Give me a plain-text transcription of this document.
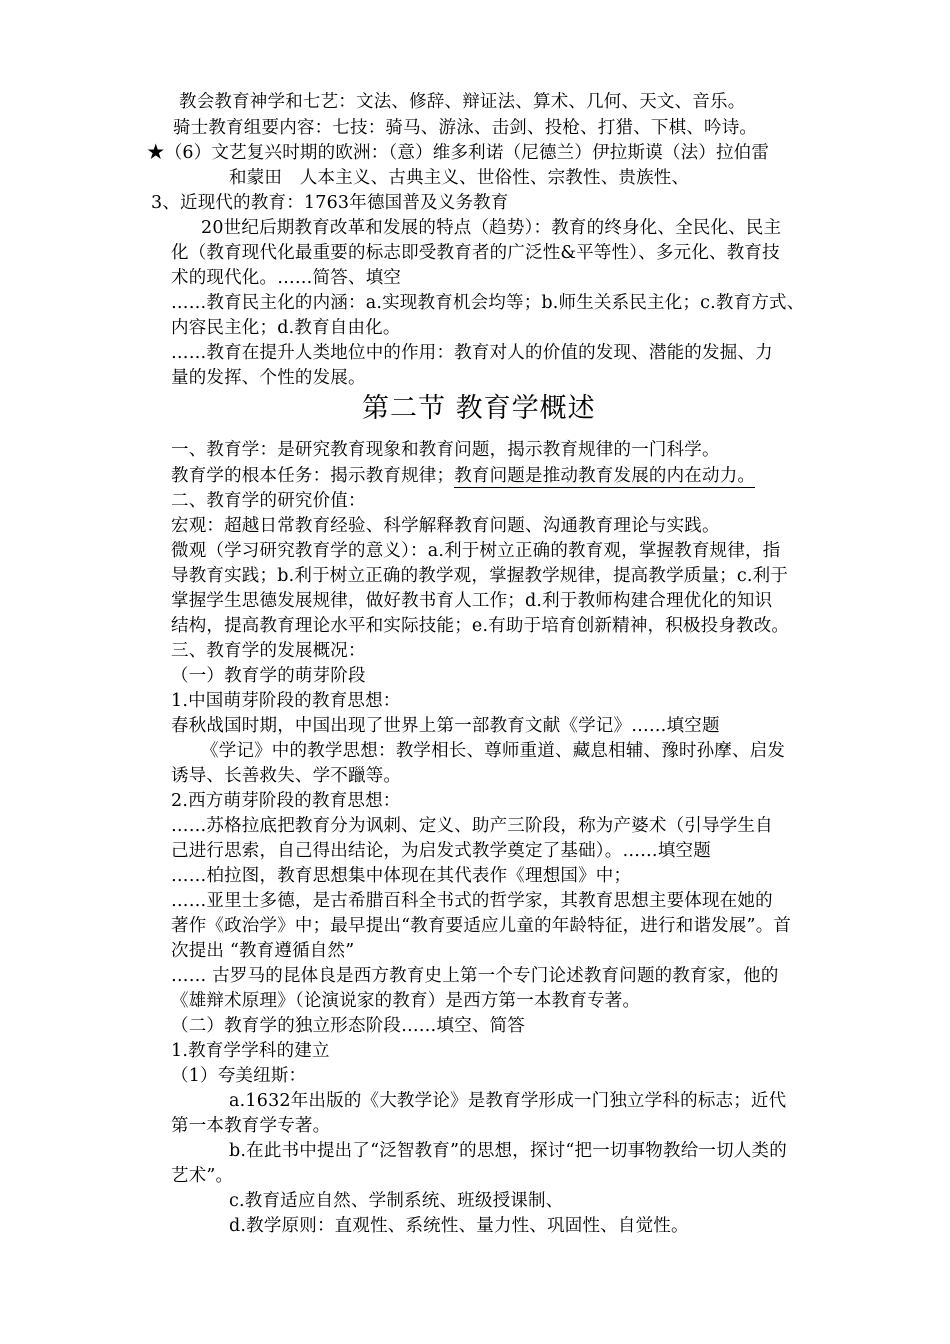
教会教育神学和七艺：文法、修辞、辩证法、算术、几何、天文、音乐。
骑士教育组要内容：七技：骑马、游泳、击剑、投枪、打猎、下棋、吟诗。
★（6）文艺复兴时期的欧洲：（意）维多利诺（尼德兰）伊拉斯谟（法）拉伯雷
和蒙田　人本主义、古典主义、世俗性、宗教性、贵族性、
3、近现代的教育：1763年德国普及义务教育
20世纪后期教育改革和发展的特点（趋势）：教育的终身化、全民化、民主
化（教育现代化最重要的标志即受教育者的广泛性&平等性）、多元化、教育技
术的现代化。……简答、填空
……教育民主化的内涵：a.实现教育机会均等；b.师生关系民主化；c.教育方式、
内容民主化；d.教育自由化。
……教育在提升人类地位中的作用：教育对人的价值的发现、潜能的发掘、力
量的发挥、个性的发展。
第二节 教育学概述
一、教育学：是研究教育现象和教育问题，揭示教育规律的一门科学。
教育学的根本任务：揭示教育规律；教育问题是推动教育发展的内在动力。
二、教育学的研究价值：
宏观：超越日常教育经验、科学解释教育问题、沟通教育理论与实践。
微观（学习研究教育学的意义）：a.利于树立正确的教育观，掌握教育规律，指
导教育实践；b.利于树立正确的教学观，掌握教学规律，提高教学质量；c.利于
掌握学生思德发展规律，做好教书育人工作；d.利于教师构建合理优化的知识
结构，提高教育理论水平和实际技能；e.有助于培育创新精神，积极投身教改。
三、教育学的发展概况：
（一）教育学的萌芽阶段
1.中国萌芽阶段的教育思想：
春秋战国时期，中国出现了世界上第一部教育文献《学记》……填空题
《学记》中的教学思想：教学相长、尊师重道、藏息相辅、豫时孙摩、启发
诱导、长善救失、学不躐等。
2.西方萌芽阶段的教育思想：
……苏格拉底把教育分为讽刺、定义、助产三阶段，称为产婆术（引导学生自
己进行思索，自己得出结论，为启发式教学奠定了基础）。……填空题
……柏拉图，教育思想集中体现在其代表作《理想国》中；
……亚里士多德，是古希腊百科全书式的哲学家，其教育思想主要体现在她的
著作《政治学》中；最早提出“教育要适应儿童的年龄特征，进行和谐发展”。首
次提出 “教育遵循自然”
…… 古罗马的昆体良是西方教育史上第一个专门论述教育问题的教育家，他的
《雄辩术原理》（论演说家的教育）是西方第一本教育专著。
（二）教育学的独立形态阶段……填空、简答
1.教育学学科的建立
（1）夸美纽斯：
a.1632年出版的《大教学论》是教育学形成一门独立学科的标志；近代
第一本教育学专著。
b.在此书中提出了“泛智教育”的思想，探讨“把一切事物教给一切人类的
艺术”。
c.教育适应自然、学制系统、班级授课制、
d.教学原则：直观性、系统性、量力性、巩固性、自觉性。
